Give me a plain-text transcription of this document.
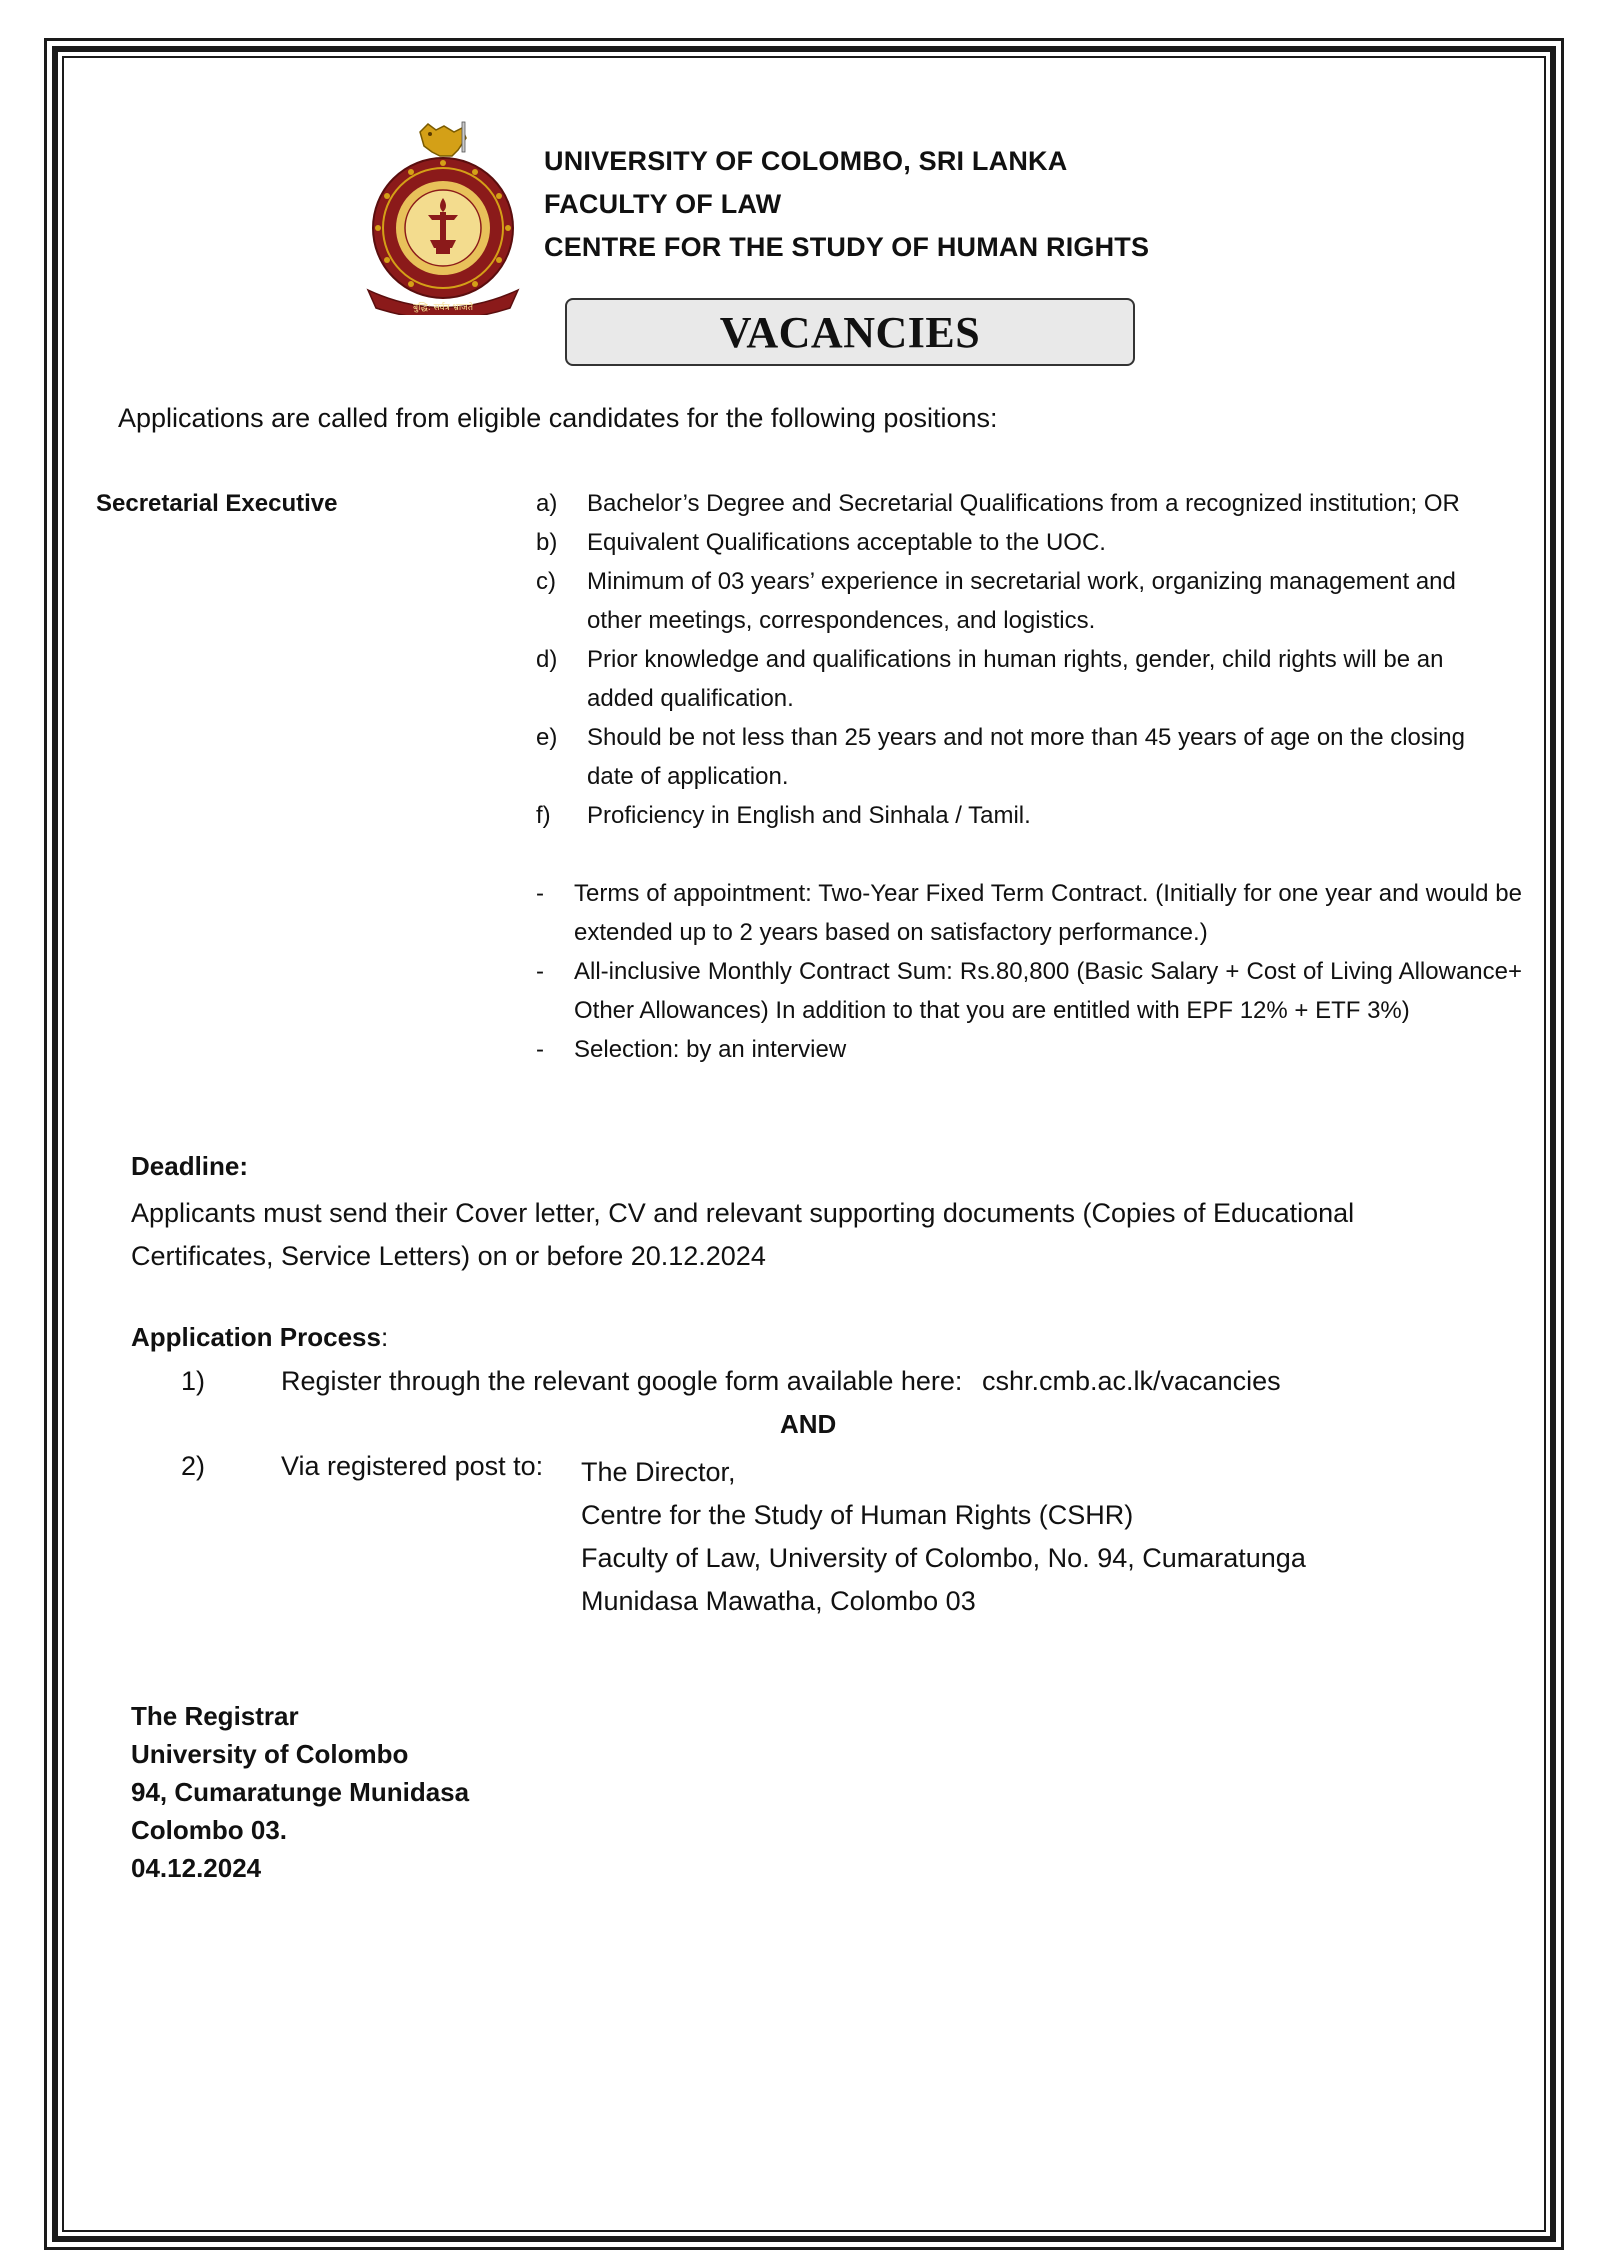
बुद्धि: सर्वत्र भ्राजते
UNIVERSITY OF COLOMBO, SRI LANKA
FACULTY OF LAW
CENTRE FOR THE STUDY OF HUMAN RIGHTS
VACANCIES
Applications are called from eligible candidates for the following positions:
Secretarial Executive	a)	Bachelor’s Degree and Secretarial Qualifications from a recognized institution; OR
b)	Equivalent Qualifications acceptable to the UOC.
c)	Minimum of 03 years’ experience in secretarial work, organizing management and other meetings, correspondences, and logistics.
d)	Prior knowledge and qualifications in human rights, gender, child rights will be an added qualification.
e)	Should be not less than 25 years and not more than 45 years of age on the closing date of application.
f)	Proficiency in English and Sinhala / Tamil.
-	Terms of appointment: Two-Year Fixed Term Contract. (Initially for one year and would be extended up to 2 years based on satisfactory performance.)
-	All-inclusive Monthly Contract Sum: Rs.80,800 (Basic Salary + Cost of Living Allowance+ Other Allowances) In addition to that you are entitled with EPF 12% + ETF 3%)
-	Selection: by an interview
Deadline:
Applicants must send their Cover letter, CV and relevant supporting documents (Copies of Educational Certificates, Service Letters) on or before 20.12.2024
Application Process:
1)	Register through the relevant google form available here: cshr.cmb.ac.lk/vacancies
AND
2)	Via registered post to: The Director,
Centre for the Study of Human Rights (CSHR)
Faculty of Law, University of Colombo, No. 94, Cumaratunga
Munidasa Mawatha, Colombo 03
The Registrar
University of Colombo
94, Cumaratunge Munidasa
Colombo 03.
04.12.2024
